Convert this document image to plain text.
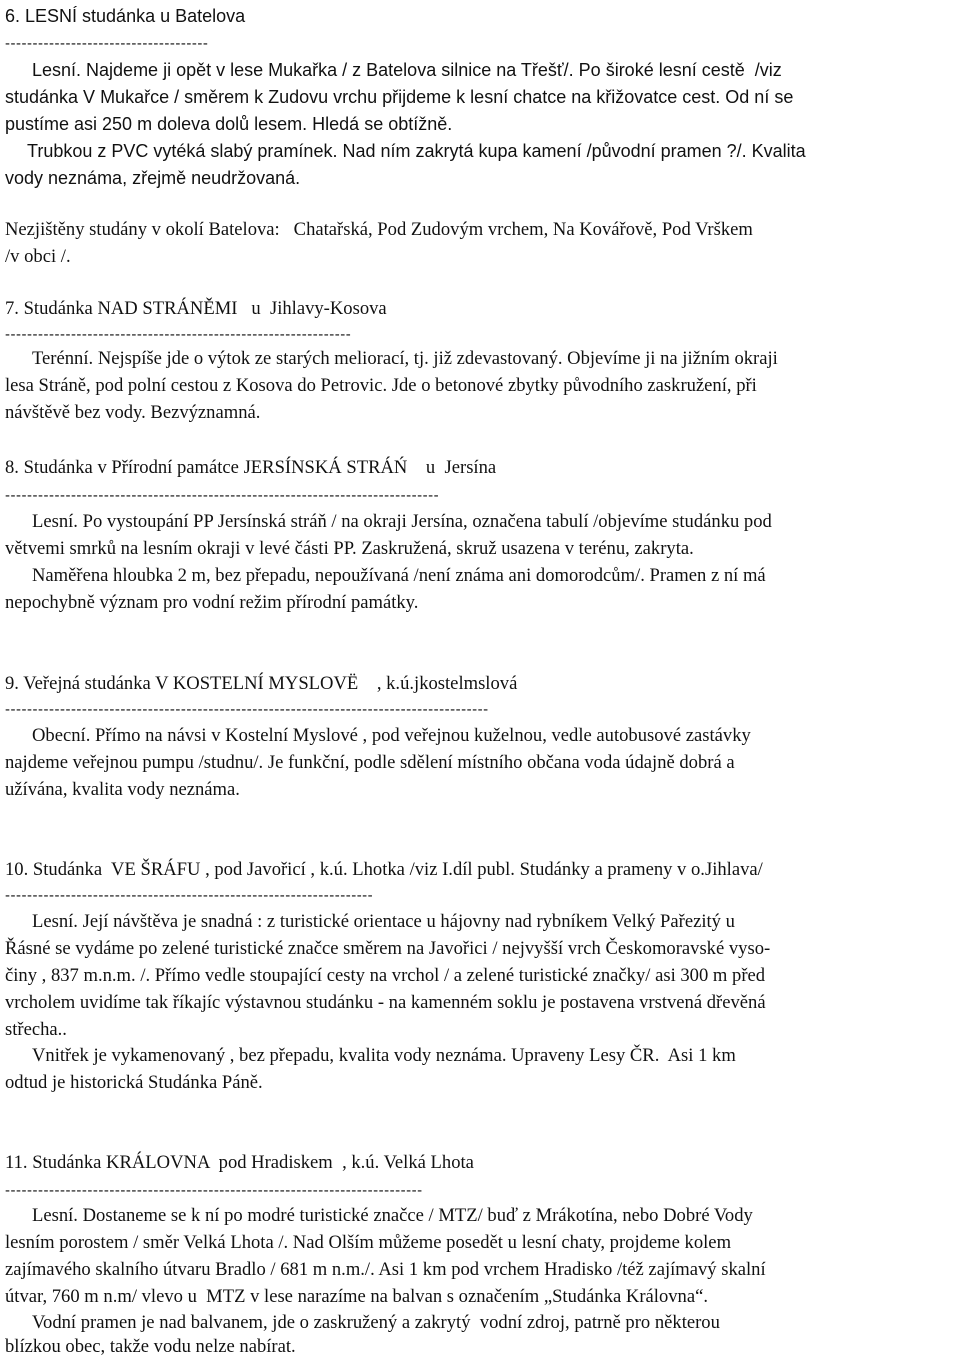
6. LESNÍ studánka u Batelova
-------------------------------------
Lesní. Najdeme ji opět v lese Mukařka / z Batelova silnice na Třešť/. Po široké lesní cestě  /viz
studánka V Mukařce / směrem k Zudovu vrchu přijdeme k lesní chatce na křižovatce cest. Od ní se
pustíme asi 250 m doleva dolů lesem. Hledá se obtížně.
Trubkou z PVC vytéká slabý pramínek. Nad ním zakrytá kupa kamení /původní pramen ?/. Kvalita
vody neznáma, zřejmě neudržovaná.
Nezjištěny studány v okolí Batelova:   Chatařská, Pod Zudovým vrchem, Na Kovářově, Pod Vrškem
/v obci /.
7. Studánka NAD STRÁNĚMI   u  Jihlavy-Kosova
---------------------------------------------------------------
Terénní. Nejspíše jde o výtok ze starých meliorací, tj. již zdevastovaný. Objevíme ji na jižním okraji
lesa Stráně, pod polní cestou z Kosova do Petrovic. Jde o betonové zbytky původního zaskružení, při
návštěvě bez vody. Bezvýznamná.
8. Studánka v Přírodní památce JERSÍNSKÁ STRÁŃ    u  Jersína
-------------------------------------------------------------------------------
Lesní. Po vystoupání PP Jersínská stráň / na okraji Jersína, označena tabulí /objevíme studánku pod
větvemi smrků na lesním okraji v levé části PP. Zaskružená, skruž usazena v terénu, zakryta.
Naměřena hloubka 2 m, bez přepadu, nepoužívaná /není známa ani domorodcům/. Pramen z ní má
nepochybně význam pro vodní režim přírodní památky.
9. Veřejná studánka V KOSTELNÍ MYSLOVË    , k.ú.jkostelmslová
----------------------------------------------------------------------------------------
Obecní. Přímo na návsi v Kostelní Myslové , pod veřejnou kuželnou, vedle autobusové zastávky
najdeme veřejnou pumpu /studnu/. Je funkční, podle sdělení místního občana voda údajně dobrá a
užívána, kvalita vody neznáma.
10. Studánka  VE ŠRÁFU , pod Javořicí , k.ú. Lhotka /viz I.díl publ. Studánky a prameny v o.Jihlava/
-------------------------------------------------------------------
Lesní. Její návštěva je snadná : z turistické orientace u hájovny nad rybníkem Velký Pařezitý u
Řásné se vydáme po zelené turistické značce směrem na Javořici / nejvyšší vrch Českomoravské vyso-
činy , 837 m.n.m. /. Přímo vedle stoupající cesty na vrchol / a zelené turistické značky/ asi 300 m před
vrcholem uvidíme tak říkajíc výstavnou studánku - na kamenném soklu je postavena vrstvená dřevěná
střecha..
Vnitřek je vykamenovaný , bez přepadu, kvalita vody neznáma. Upraveny Lesy ČR.  Asi 1 km
odtud je historická Studánka Páně.
11. Studánka KRÁLOVNA  pod Hradiskem  , k.ú. Velká Lhota
----------------------------------------------------------------------------
Lesní. Dostaneme se k ní po modré turistické značce / MTZ/ buď z Mrákotína, nebo Dobré Vody
lesním porostem / směr Velká Lhota /. Nad Olším můžeme posedět u lesní chaty, projdeme kolem
zajímavého skalního útvaru Bradlo / 681 m n.m./. Asi 1 km pod vrchem Hradisko /též zajímavý skalní
útvar, 760 m n.m/ vlevo u  MTZ v lese narazíme na balvan s označením „Studánka Královna“.
Vodní pramen je nad balvanem, jde o zaskružený a zakrytý  vodní zdroj, patrně pro některou
blízkou obec, takže vodu nelze nabírat.
